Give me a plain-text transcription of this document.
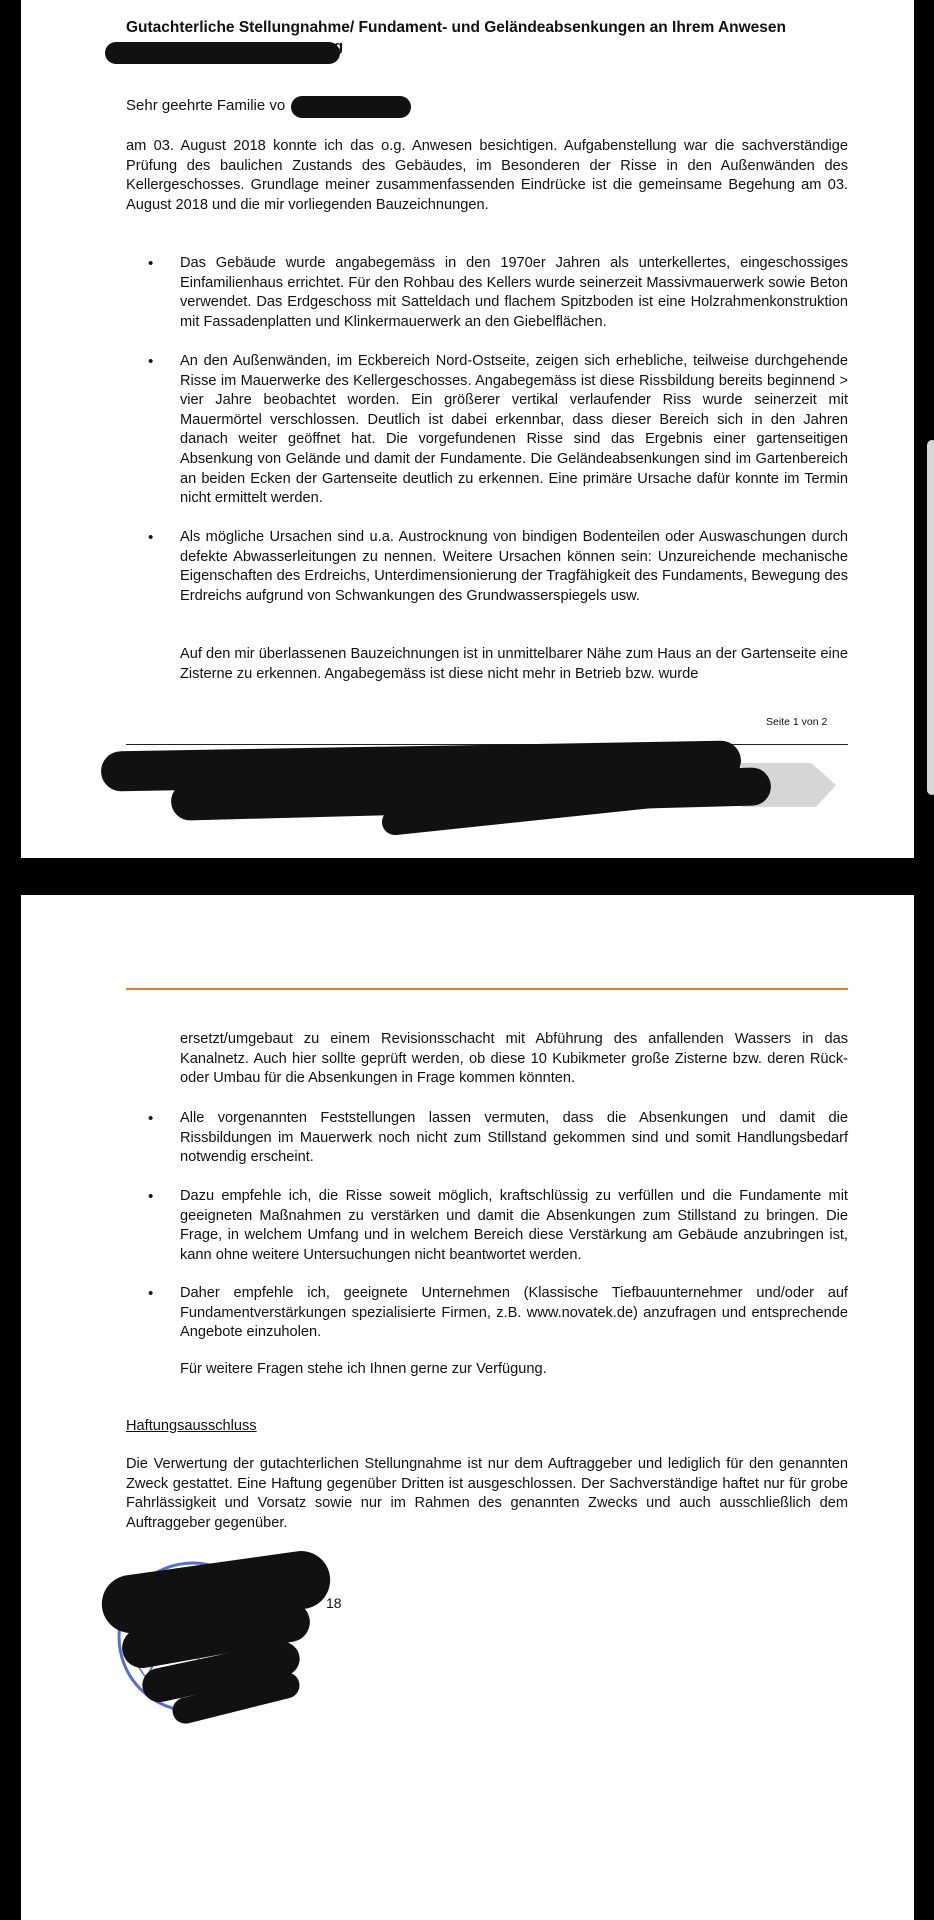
Gutachterliche Stellungnahme/ Fundament- und Geländeabsenkungen an Ihrem Anwesen
rg
Sehr geehrte Familie vo

am 03. August 2018 konnte ich das o.g. Anwesen besichtigen. Aufgabenstellung war die sachverständige Prüfung des baulichen Zustands des Gebäudes, im Besonderen der Risse in den Außenwänden des Kellergeschosses. Grundlage meiner zusammenfassenden Eindrücke ist die gemeinsame Begehung am 03. August 2018 und die mir vorliegenden Bauzeichnungen.

• Das Gebäude wurde angabegemäss in den 1970er Jahren als unterkellertes, eingeschossiges Einfamilienhaus errichtet. Für den Rohbau des Kellers wurde seinerzeit Massivmauerwerk sowie Beton verwendet. Das Erdgeschoss mit Satteldach und flachem Spitzboden ist eine Holzrahmenkonstruktion mit Fassadenplatten und Klinkermauerwerk an den Giebelflächen.

• An den Außenwänden, im Eckbereich Nord-Ostseite, zeigen sich erhebliche, teilweise durchgehende Risse im Mauerwerke des Kellergeschosses. Angabegemäss ist diese Rissbildung bereits beginnend > vier Jahre beobachtet worden. Ein größerer vertikal verlaufender Riss wurde seinerzeit mit Mauermörtel verschlossen. Deutlich ist dabei erkennbar, dass dieser Bereich sich in den Jahren danach weiter geöffnet hat. Die vorgefundenen Risse sind das Ergebnis einer gartenseitigen Absenkung von Gelände und damit der Fundamente. Die Geländeabsenkungen sind im Gartenbereich an beiden Ecken der Gartenseite deutlich zu erkennen. Eine primäre Ursache dafür konnte im Termin nicht ermittelt werden.

• Als mögliche Ursachen sind u.a. Austrocknung von bindigen Bodenteilen oder Auswaschungen durch defekte Abwasserleitungen zu nennen. Weitere Ursachen können sein: Unzureichende mechanische Eigenschaften des Erdreichs, Unterdimensionierung der Tragfähigkeit des Fundaments, Bewegung des Erdreichs aufgrund von Schwankungen des Grundwasserspiegels usw.

Auf den mir überlassenen Bauzeichnungen ist in unmittelbarer Nähe zum Haus an der Gartenseite eine Zisterne zu erkennen. Angabegemäss ist diese nicht mehr in Betrieb bzw. wurde

Seite 1 von 2

ersetzt/umgebaut zu einem Revisionsschacht mit Abführung des anfallenden Wassers in das Kanalnetz. Auch hier sollte geprüft werden, ob diese 10 Kubikmeter große Zisterne bzw. deren Rück- oder Umbau für die Absenkungen in Frage kommen könnten.

• Alle vorgenannten Feststellungen lassen vermuten, dass die Absenkungen und damit die Rissbildungen im Mauerwerk noch nicht zum Stillstand gekommen sind und somit Handlungsbedarf notwendig erscheint.

• Dazu empfehle ich, die Risse soweit möglich, kraftschlüssig zu verfüllen und die Fundamente mit geeigneten Maßnahmen zu verstärken und damit die Absenkungen zum Stillstand zu bringen. Die Frage, in welchem Umfang und in welchem Bereich diese Verstärkung am Gebäude anzubringen ist, kann ohne weitere Untersuchungen nicht beantwortet werden.

• Daher empfehle ich, geeignete Unternehmen (Klassische Tiefbauunternehmer und/oder auf Fundamentverstärkungen spezialisierte Firmen, z.B. www.novatek.de) anzufragen und entsprechende Angebote einzuholen.

Für weitere Fragen stehe ich Ihnen gerne zur Verfügung.

Haftungsausschluss

Die Verwertung der gutachterlichen Stellungnahme ist nur dem Auftraggeber und lediglich für den genannten Zweck gestattet. Eine Haftung gegenüber Dritten ist ausgeschlossen. Der Sachverständige haftet nur für grobe Fahrlässigkeit und Vorsatz sowie nur im Rahmen des genannten Zwecks und auch ausschließlich dem Auftraggeber gegenüber.

18
